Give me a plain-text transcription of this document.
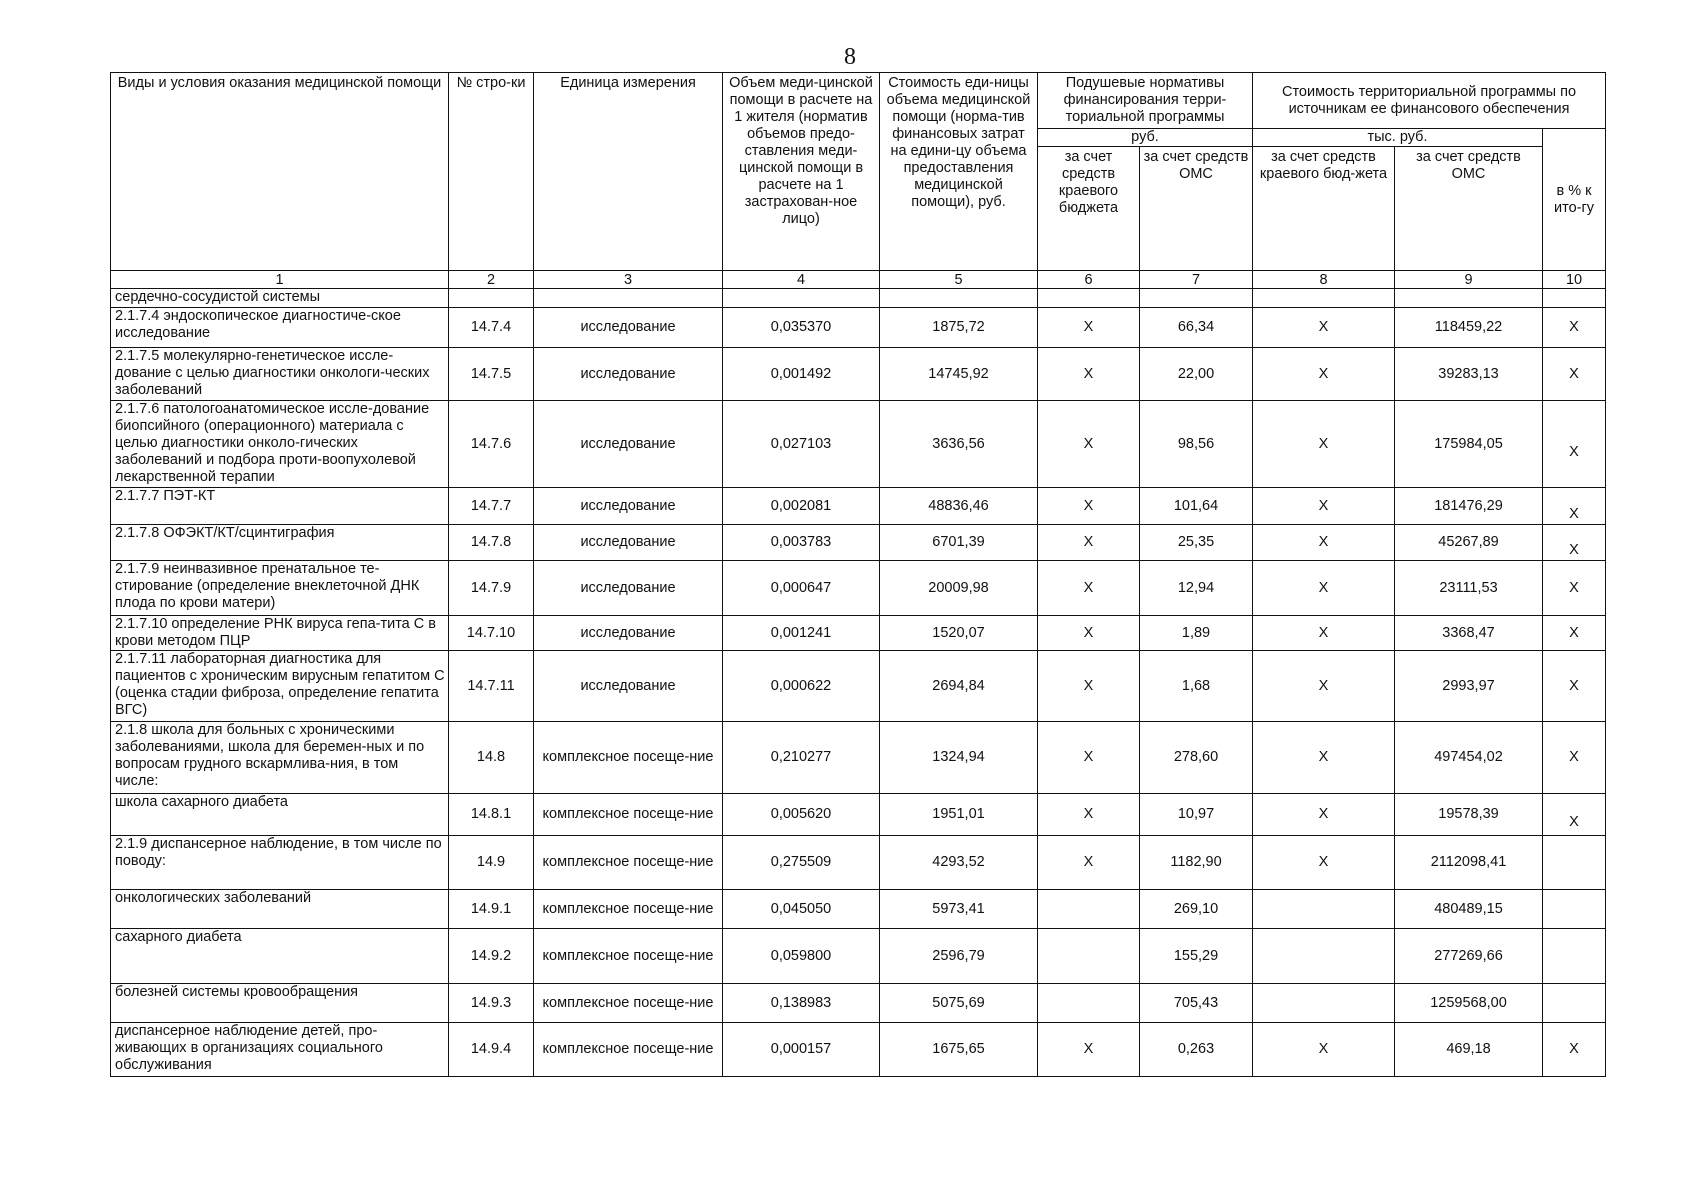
8
Виды и условия оказания медицинской помощи	№ стро-ки	Единица измерения	Объем меди-цинской помощи в расчете на 1 жителя (норматив объемов предо-ставления меди-цинской помощи в расчете на 1 застрахован-ное лицо)	Стоимость еди-ницы объема медицинской помощи (норма-тив финансовых затрат на едини-цу объема предоставления медицинской помощи), руб.	Подушевые нормативы финансирования терри-ториальной программы		Стоимость территориальной программы по источникам ее финансового обеспечения		
					руб.		тыс. руб.		в % к ито-гу
					за счет средств краевого бюджета	за счет средств ОМС	за счет средств краевого бюд-жета	за счет средств ОМС	
1	2	3	4	5	6	7	8	9	10
сердечно-сосудистой системы									
2.1.7.4 эндоскопическое диагностиче-ское исследование	14.7.4	исследование	0,035370	1875,72	X	66,34	X	118459,22	X
2.1.7.5 молекулярно-генетическое иссле-дование с целью диагностики онкологи-ческих заболеваний	14.7.5	исследование	0,001492	14745,92	X	22,00	X	39283,13	X
2.1.7.6 патологоанатомическое иссле-дование биопсийного (операционного) материала с целью диагностики онколо-гических заболеваний и подбора проти-воопухолевой лекарственной терапии	14.7.6	исследование	0,027103	3636,56	X	98,56	X	175984,05	X
2.1.7.7 ПЭТ-КТ	14.7.7	исследование	0,002081	48836,46	X	101,64	X	181476,29	X
2.1.7.8 ОФЭКТ/КТ/сцинтиграфия	14.7.8	исследование	0,003783	6701,39	X	25,35	X	45267,89	X
2.1.7.9 неинвазивное пренатальное те-стирование (определение внеклеточной ДНК плода по крови матери)	14.7.9	исследование	0,000647	20009,98	X	12,94	X	23111,53	X
2.1.7.10 определение РНК вируса гепа-тита С в крови методом ПЦР	14.7.10	исследование	0,001241	1520,07	X	1,89	X	3368,47	X
2.1.7.11 лабораторная диагностика для пациентов с хроническим вирусным гепатитом С (оценка стадии фиброза, определение гепатита ВГС)	14.7.11	исследование	0,000622	2694,84	X	1,68	X	2993,97	X
2.1.8 школа для больных с хроническими заболеваниями, школа для беремен-ных и по вопросам грудного вскармлива-ния, в том числе:	14.8	комплексное посеще-ние	0,210277	1324,94	X	278,60	X	497454,02	X
школа сахарного диабета	14.8.1	комплексное посеще-ние	0,005620	1951,01	X	10,97	X	19578,39	X
2.1.9 диспансерное наблюдение, в том числе по поводу:	14.9	комплексное посеще-ние	0,275509	4293,52	X	1182,90	X	2112098,41	
онкологических заболеваний	14.9.1	комплексное посеще-ние	0,045050	5973,41		269,10		480489,15	
сахарного диабета	14.9.2	комплексное посеще-ние	0,059800	2596,79		155,29		277269,66	
болезней системы кровообращения	14.9.3	комплексное посеще-ние	0,138983	5075,69		705,43		1259568,00	
диспансерное наблюдение детей, про-живающих в организациях социального обслуживания	14.9.4	комплексное посеще-ние	0,000157	1675,65	X	0,263	X	469,18	X
